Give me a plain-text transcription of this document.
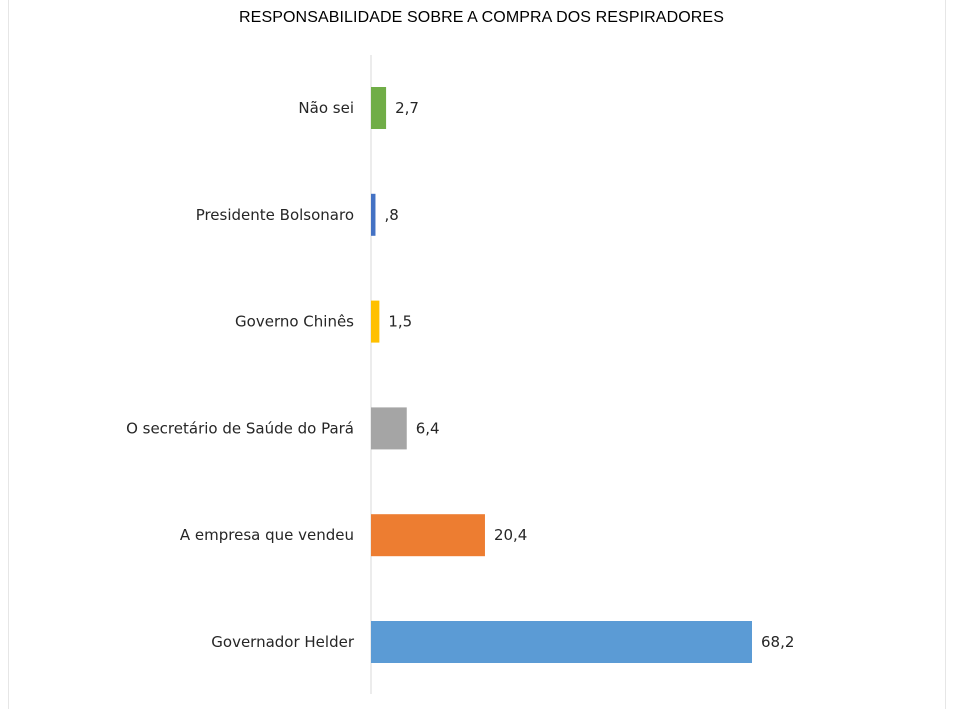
RESPONSABILIDADE SOBRE A COMPRA DOS RESPIRADORES
Não sei	2,7
Presidente Bolsonaro ,8
Governo Chinês 1,5
O secretário de Saúde do Pará	6,4
A empresa que vendeu	20,4
Governador Helder	68,2
